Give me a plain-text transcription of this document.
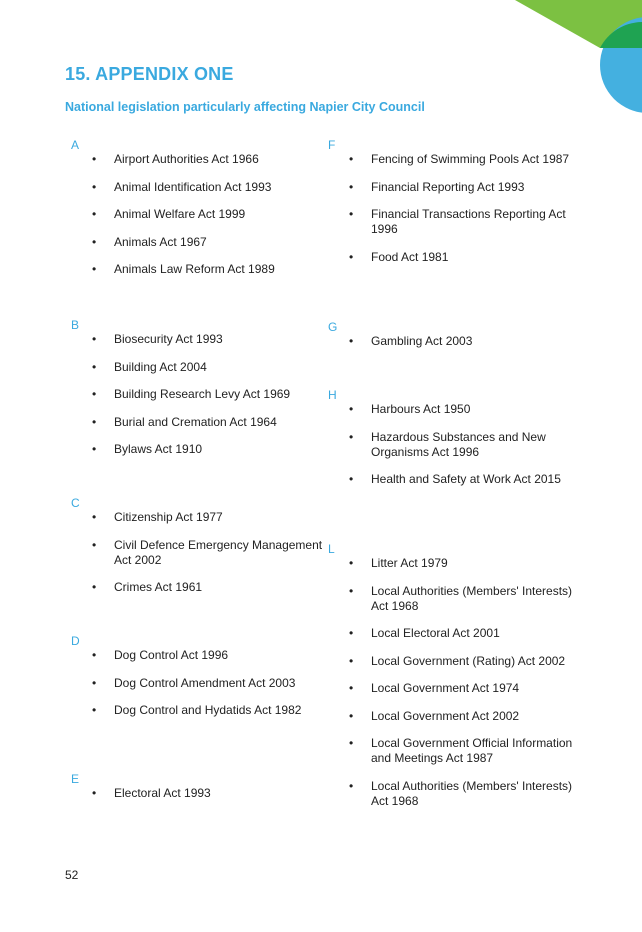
15. APPENDIX ONE
National legislation particularly affecting Napier City Council
A
• Airport Authorities Act 1966
• Animal Identification Act 1993
• Animal Welfare Act 1999
• Animals Act 1967
• Animals Law Reform Act 1989
B
• Biosecurity Act 1993
• Building Act 2004
• Building Research Levy Act 1969
• Burial and Cremation Act 1964
• Bylaws Act 1910
C
• Citizenship Act 1977
• Civil Defence Emergency Management Act 2002
• Crimes Act 1961
D
• Dog Control Act 1996
• Dog Control Amendment Act 2003
• Dog Control and Hydatids Act 1982
E
• Electoral Act 1993
F
• Fencing of Swimming Pools Act 1987
• Financial Reporting Act 1993
• Financial Transactions Reporting Act 1996
• Food Act 1981
G
• Gambling Act 2003
H
• Harbours Act 1950
• Hazardous Substances and New Organisms Act 1996
• Health and Safety at Work Act 2015
L
• Litter Act 1979
• Local Authorities (Members' Interests) Act 1968
• Local Electoral Act 2001
• Local Government (Rating) Act 2002
• Local Government Act 1974
• Local Government Act 2002
• Local Government Official Information and Meetings Act 1987
• Local Authorities (Members' Interests) Act 1968
52
